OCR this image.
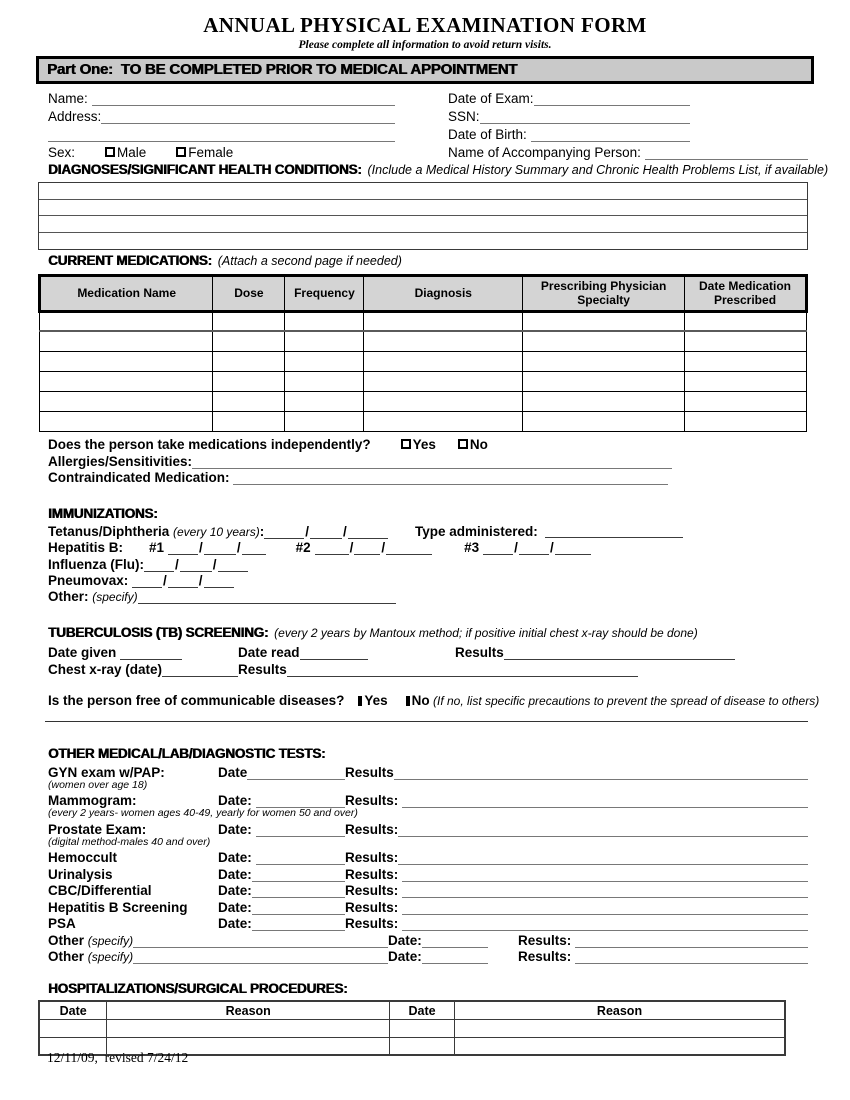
ANNUAL PHYSICAL EXAMINATION FORM
Please complete all information to avoid return visits.
Part One:  TO BE COMPLETED PRIOR TO MEDICAL APPOINTMENT
Name:
Address:
Sex:	Male	Female
Date of Exam:
SSN:
Date of Birth:
Name of Accompanying Person:
DIAGNOSES/SIGNIFICANT HEALTH CONDITIONS: (Include a Medical History Summary and Chronic Health Problems List, if available)
CURRENT MEDICATIONS: (Attach a second page if needed)
Medication Name	Dose	Frequency	Diagnosis	Prescribing Physician Specialty	Date Medication Prescribed

Does the person take medications independently?	Yes	No
Allergies/Sensitivities:
Contraindicated Medication:
IMMUNIZATIONS:
Tetanus/Diphtheria (every 10 years) :	/	/	Type administered:
Hepatitis B: #1	/	/	#2	/ /	#3	/ /
Influenza (Flu):	/	/
Pneumovax:	/ /
Other: (specify)
TUBERCULOSIS (TB) SCREENING: (every 2 years by Mantoux method; if positive initial chest x-ray should be done)
Date given	Date read	Results
Chest x-ray (date)	Results
Is the person free of communicable diseases? Yes No
(If no, list specific precautions to prevent the spread of disease to others)
OTHER MEDICAL/LAB/DIAGNOSTIC TESTS:
GYN exam w/PAP:	Date	Results
(women over age 18)
Mammogram:	Date:	Results:
(every 2 years- women ages 40-49, yearly for women 50 and over)
Prostate Exam:	Date:	Results:
(digital method-males 40 and over)
Hemoccult	Date:	Results:
Urinalysis	Date:	Results:
CBC/Differential	Date:	Results:
Hepatitis B Screening	Date:	Results:
PSA	Date:	Results:
Other (specify)	Date:	Results:
Other (specify)	Date:	Results:
HOSPITALIZATIONS/SURGICAL PROCEDURES:
Date	Reason	Date	Reason

12/11/09,  revised 7/24/12
